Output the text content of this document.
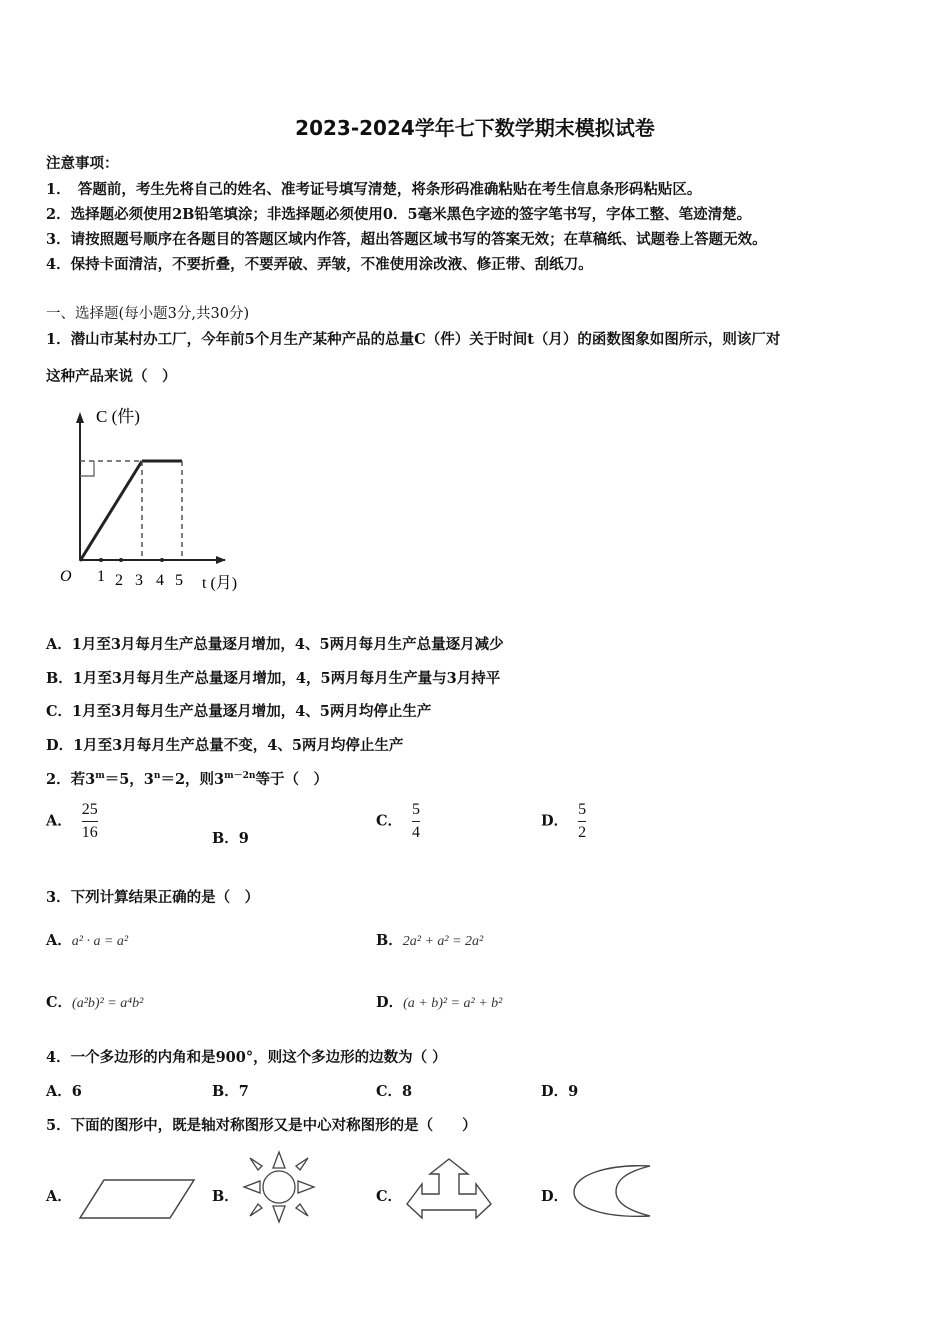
2023-2024学年七下数学期末模拟试卷
注意事项：
1．　答题前，考生先将自己的姓名、准考证号填写清楚，将条形码准确粘贴在考生信息条形码粘贴区。
2．选择题必须使用2B铅笔填涂；非选择题必须使用0．5毫米黑色字迹的签字笔书写，字体工整、笔迹清楚。
3．请按照题号顺序在各题目的答题区域内作答，超出答题区域书写的答案无效；在草稿纸、试题卷上答题无效。
4．保持卡面清洁，不要折叠，不要弄破、弄皱，不准使用涂改液、修正带、刮纸刀。
一、选择题(每小题3分,共30分)
1．潜山市某村办工厂，今年前5个月生产某种产品的总量C（件）关于时间t（月）的函数图象如图所示，则该厂对
这种产品来说（　）
O 1 2 3 4 5
C (件)
t (月)
A．1月至3月每月生产总量逐月增加，4、5两月每月生产总量逐月减少
B．1月至3月每月生产总量逐月增加，4，5两月每月生产量与3月持平
C．1月至3月每月生产总量逐月增加，4、5两月均停止生产
D．1月至3月每月生产总量不变，4、5两月均停止生产
2．若$3^m=5$，$3^n=2$，则$3^{m-2n}$等于（　）
A． $\frac{25}{16}$	B．9
C． $\frac{5}{4}$	D． $\frac{5}{2}$
3．下列计算结果正确的是（　）
A．a² · a = a²	B．2a² + a² = 2a²
C．(a²b)² = a⁴b²	D．(a + b)² = a² + b²
4．一个多边形的内角和是900°，则这个多边形的边数为（ ）
A．6	B．7	C．8	D．9
5．下面的图形中，既是轴对称图形又是中心对称图形的是（　　）
A．	B．	C．	D．
